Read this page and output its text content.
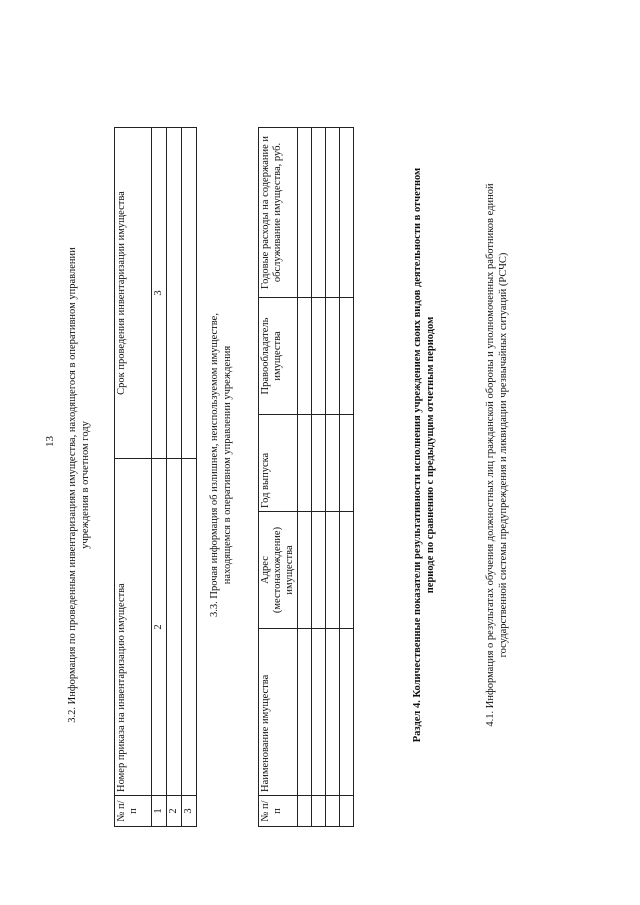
13 3.2. Информация по проведенным инвентаризациям имущества, находящегося в оперативном управлении учреждения в отчетном году
№ п/п	Номер приказа на инвентаризацию имущества	Срок проведения инвентаризации имущества
1	2	3
2		
3		
3.3. Прочая информация об излишнем, неиспользуемом имуществе, находящемся в оперативном управлении учреждения
№ п/п	Наименование имущества	Адрес (местонахождение) имущества	Год выпуска	Правообладатель имущества	Годовые расходы на содержание и обслуживание имущества, руб.

						Раздел 4. Количественные показатели результативности исполнения учреждением своих видов деятельности в отчетном периоде по сравнению с предыдущим отчетным периодом	4.1. Информация о результатах обучения должностных лиц гражданской обороны и уполномоченных работников единой государственной системы предупреждения и ликвидации чрезвычайных ситуаций (РСЧС)
